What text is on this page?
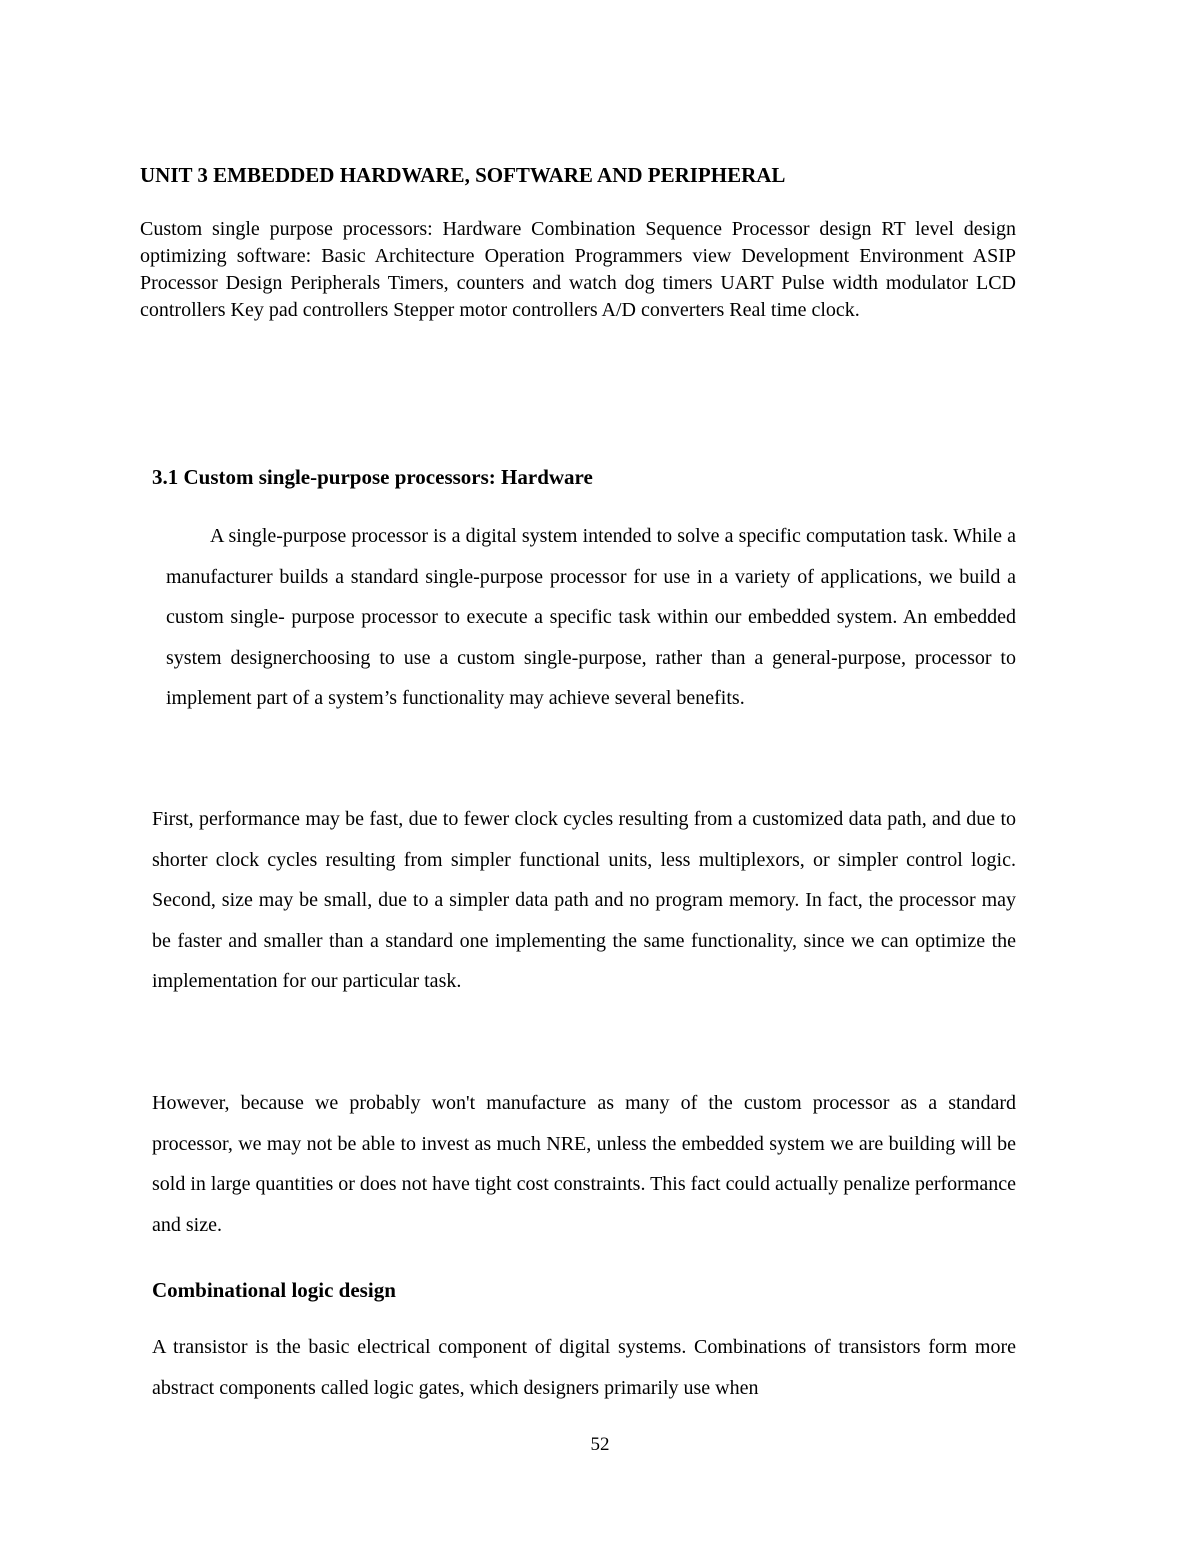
UNIT 3 EMBEDDED HARDWARE, SOFTWARE AND PERIPHERAL

Custom single purpose processors: Hardware Combination Sequence Processor design RT level design optimizing software: Basic Architecture Operation Programmers view Development Environment ASIP Processor Design Peripherals Timers, counters and watch dog timers UART Pulse width modulator LCD controllers Key pad controllers Stepper motor controllers A/D converters Real time clock.

3.1 Custom single-purpose processors: Hardware

A single-purpose processor is a digital system intended to solve a specific computation task. While a manufacturer builds a standard single-purpose processor for use in a variety of applications, we build a custom single- purpose processor to execute a specific task within our embedded system. An embedded system designerchoosing to use a custom single-purpose, rather than a general-purpose, processor to implement part of a system’s functionality may achieve several benefits.

First, performance may be fast, due to fewer clock cycles resulting from a customized data path, and due to shorter clock cycles resulting from simpler functional units, less multiplexors, or simpler control logic. Second, size may be small, due to a simpler data path and no program memory. In fact, the processor may be faster and smaller than a standard one implementing the same functionality, since we can optimize the implementation for our particular task.

However, because we probably won't manufacture as many of the custom processor as a standard processor, we may not be able to invest as much NRE, unless the embedded system we are building will be sold in large quantities or does not have tight cost constraints. This fact could actually penalize performance and size.

Combinational logic design

A transistor is the basic electrical component of digital systems. Combinations of transistors form more abstract components called logic gates, which designers primarily use when

52
